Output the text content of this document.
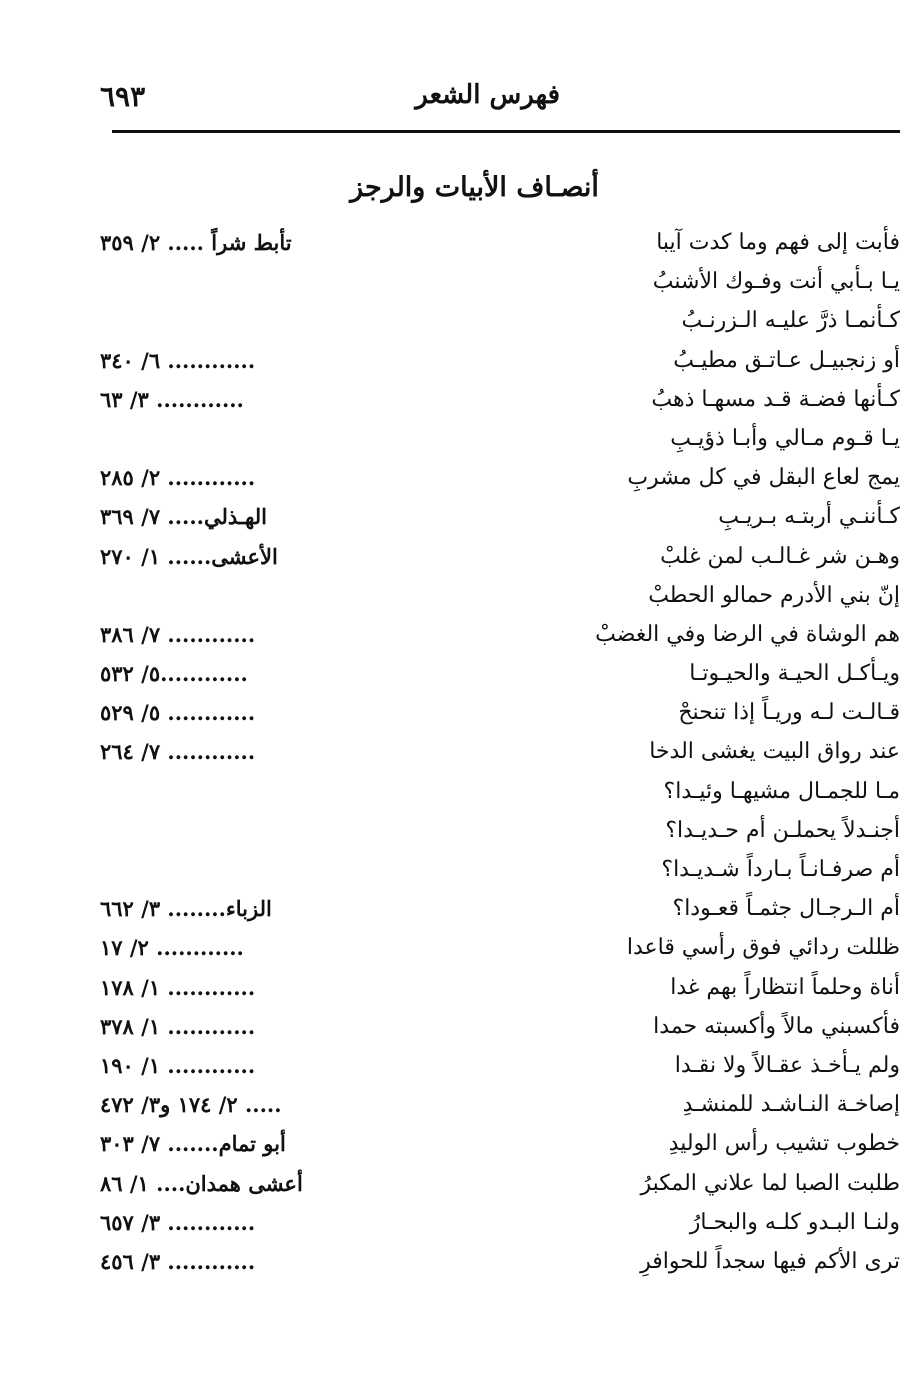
٦٩٣	فهرس الشعر
أنصـاف الأبيات والرجز
فأبت إلى فهم وما كدت آيبا
تأبط شراً ..... ٢/ ٣٥٩
يـا بـأبي أنت وفـوك الأشنبُ
كـأنمـا ذرَّ عليـه الـزرنـبُ
أو زنجبيـل عـاتـق مطيـبُ
............ ٦/ ٣٤٠
كـأنها فضـة قـد مسهـا ذهبُ
............ ٣/ ٦٣
يـا قـوم مـالي وأبـا ذؤيـبِ
يمج لعاع البقل في كل مشربِ
............ ٢/ ٢٨٥
كـأننـي أربتـه بـريـبِ
الهـذلي..... ٧/ ٣٦٩
وهـن شر غـالـب لمن غلبْ
الأعشى...... ١/ ٢٧٠
إنّ بني الأدرم حمالو الحطبْ
هم الوشاة في الرضا وفي الغضبْ
............ ٧/ ٣٨٦
ويـأكـل الحيـة والحيـوتـا
............٥/ ٥٣٢
قـالـت لـه وريـاً إذا تنحنحْ
............ ٥/ ٥٢٩
عند رواق البيت يغشى الدخا
............ ٧/ ٢٦٤
مـا للجمـال مشيهـا وئيـدا؟
أجنـدلاً يحملـن أم حـديـدا؟
أم صرفـانـاً بـارداً شـديـدا؟
أم الـرجـال جثمـاً قعـودا؟
الزباء........ ٣/ ٦٦٢
ظللت ردائي فوق رأسي قاعدا
............ ٢/ ١٧
أناة وحلماً انتظاراً بهم غدا
............ ١/ ١٧٨
فأكسبني مالاً وأكسبته حمدا
............ ١/ ٣٧٨
ولم يـأخـذ عقـالاً ولا نقـدا
............ ١/ ١٩٠
إصاخـة النـاشـد للمنشـدِ
..... ٢/ ١٧٤ و٣/ ٤٧٢
خطوب تشيب رأس الوليدِ
أبو تمام....... ٧/ ٣٠٣
طلبت الصبا لما علاني المكبرُ
أعشى همدان.... ١/ ٨٦
ولنـا البـدو كلـه والبحـارُ
............ ٣/ ٦٥٧
ترى الأكم فيها سجداً للحوافرِ
............ ٣/ ٤٥٦
